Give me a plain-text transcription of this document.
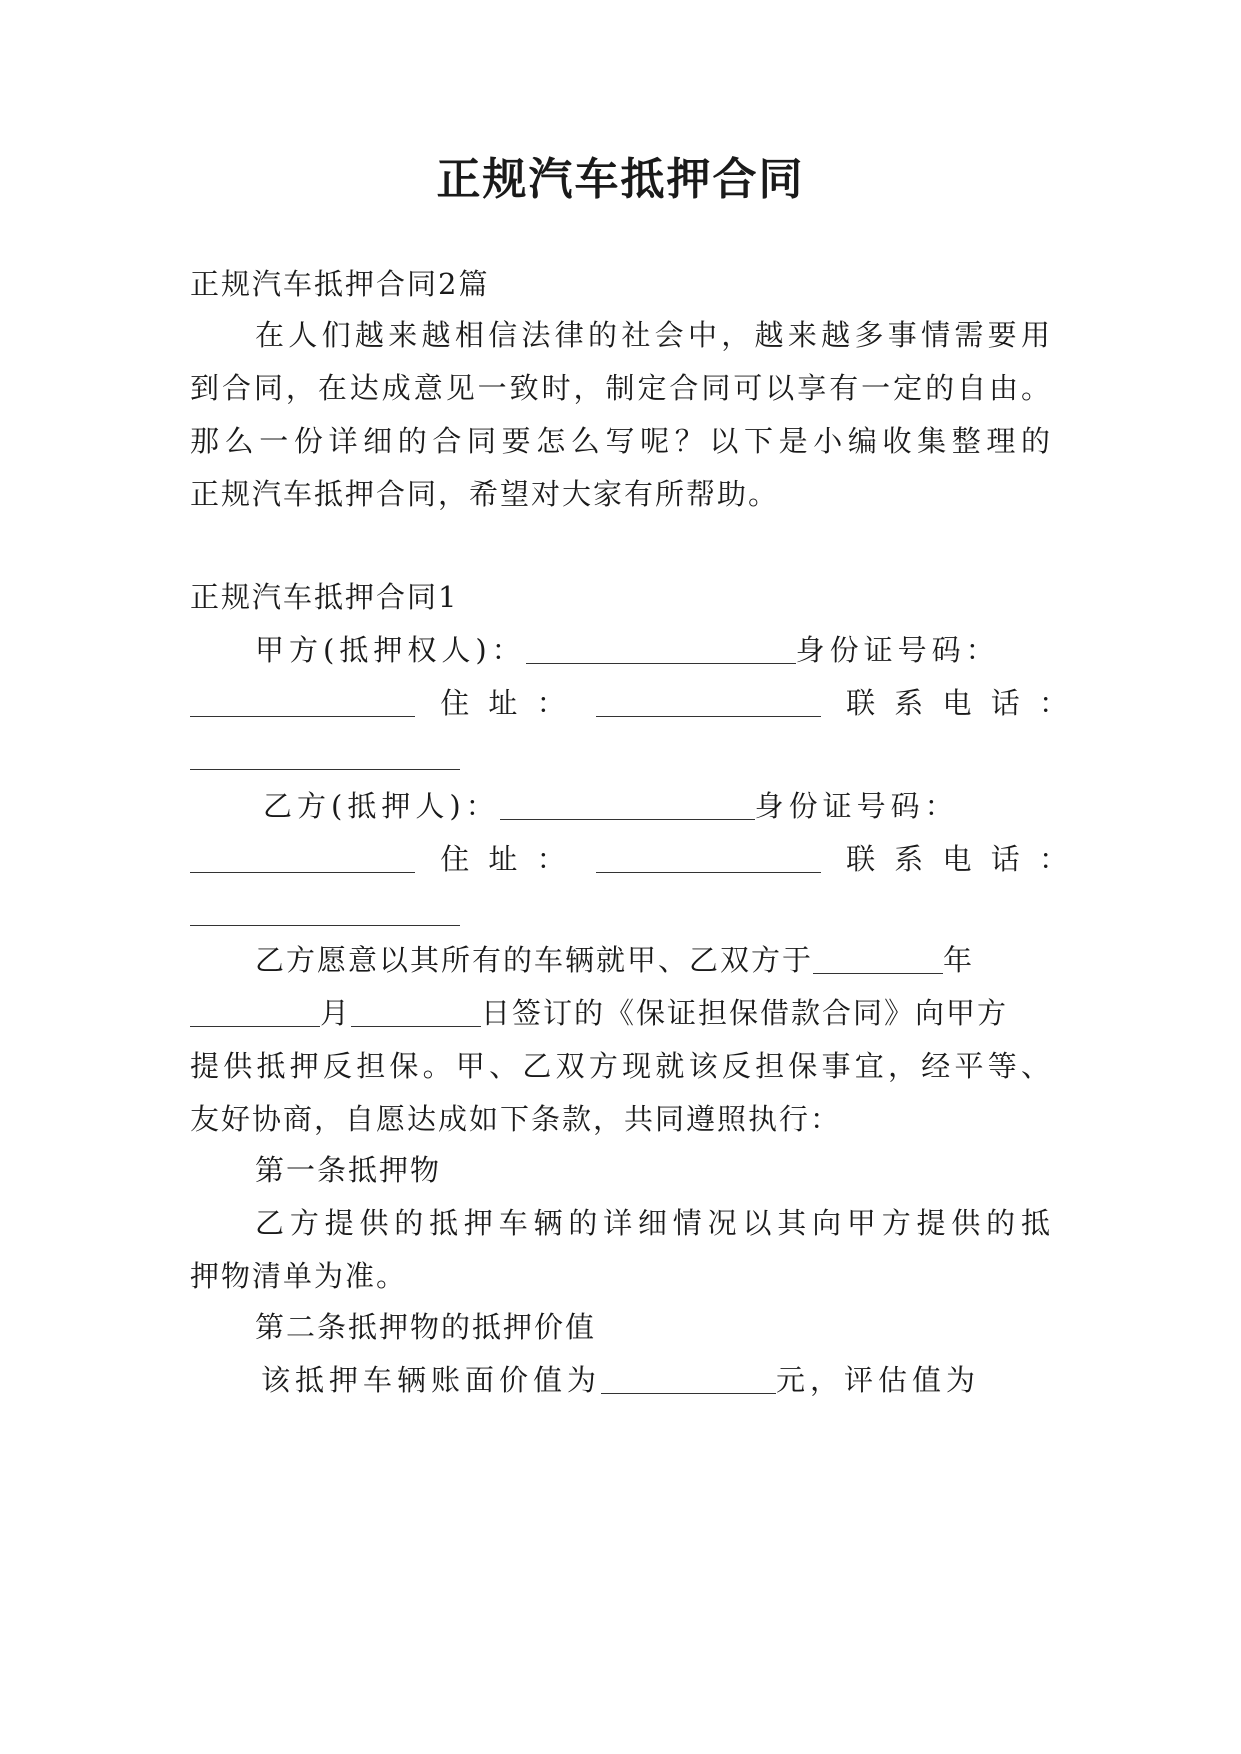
正规汽车抵押合同
正规汽车抵押合同2篇
在人们越来越相信法律的社会中，越来越多事情需要用
到合同，在达成意见一致时，制定合同可以享有一定的自由。
那么一份详细的合同要怎么写呢？以下是小编收集整理的
正规汽车抵押合同，希望对大家有所帮助。
正规汽车抵押合同1
甲方(抵押权人)：	身份证号码：
住 址 ：	联 系 电 话 ：
乙方(抵押人)：	身份证号码：
住 址 ：	联 系 电 话 ：
乙方愿意以其所有的车辆就甲、乙双方于	年
月	日签订的《保证担保借款合同》向甲方
提供抵押反担保。甲、乙双方现就该反担保事宜，经平等、
友好协商，自愿达成如下条款，共同遵照执行：
第一条抵押物
乙方提供的抵押车辆的详细情况以其向甲方提供的抵
押物清单为准。
第二条抵押物的抵押价值
该抵押车辆账面价值为	元，评估值为
